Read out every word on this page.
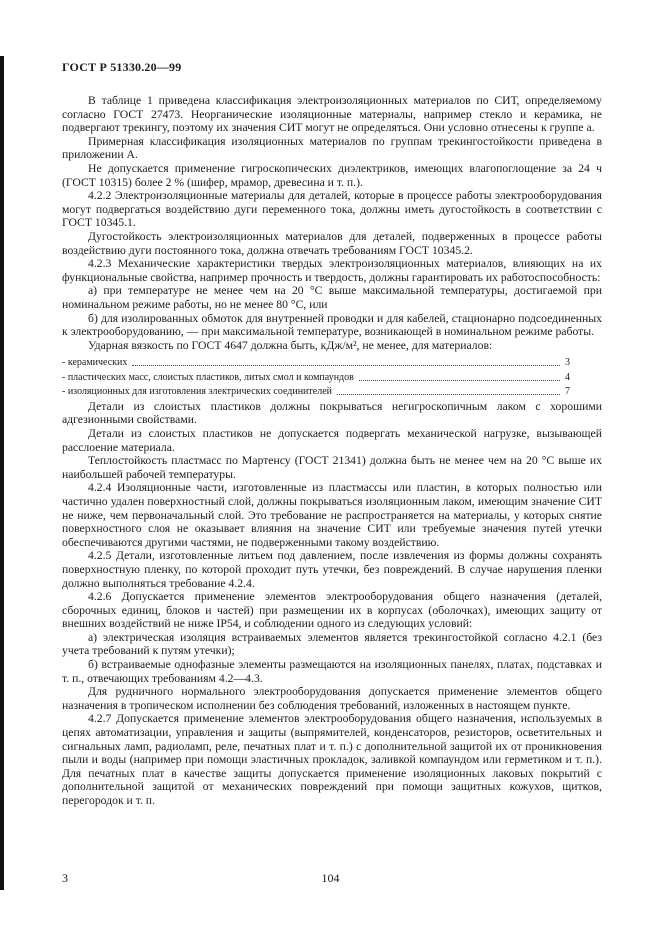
ГОСТ Р 51330.20—99

В таблице 1 приведена классификация электроизоляционных материалов по СИТ, определяемому согласно ГОСТ 27473. Неорганические изоляционные материалы, например стекло и керамика, не подвергают трекингу, поэтому их значения СИТ могут не определяться. Они условно отнесены к группе а.

Примерная классификация изоляционных материалов по группам трекингостойкости приведена в приложении А.

Не допускается применение гигроскопических диэлектриков, имеющих влагопоглощение за 24 ч (ГОСТ 10315) более 2 % (шифер, мрамор, древесина и т. п.).

4.2.2 Электроизоляционные материалы для деталей, которые в процессе работы электрооборудования могут подвергаться воздействию дуги переменного тока, должны иметь дугостойкость в соответствии с ГОСТ 10345.1.

Дугостойкость электроизоляционных материалов для деталей, подверженных в процессе работы воздействию дуги постоянного тока, должна отвечать требованиям ГОСТ 10345.2.

4.2.3 Механические характеристики твердых электроизоляционных материалов, влияющих на их функциональные свойства, например прочность и твердость, должны гарантировать их работоспособность:

а) при температуре не менее чем на 20 °С выше максимальной температуры, достигаемой при номинальном режиме работы, но не менее 80 °С, или

б) для изолированных обмоток для внутренней проводки и для кабелей, стационарно подсоединенных к электрооборудованию, — при максимальной температуре, возникающей в номинальном режиме работы.

Ударная вязкость по ГОСТ 4647 должна быть, кДж/м², не менее, для материалов:

- керамических	3
- пластических масс, слоистых пластиков, литых смол и компаундов	4
- изоляционных для изготовления электрических соединителей	7

Детали из слоистых пластиков должны покрываться негигроскопичным лаком с хорошими адгезионными свойствами.

Детали из слоистых пластиков не допускается подвергать механической нагрузке, вызывающей расслоение материала.

Теплостойкость пластмасс по Мартенсу (ГОСТ 21341) должна быть не менее чем на 20 °С выше их наибольшей рабочей температуры.

4.2.4 Изоляционные части, изготовленные из пластмассы или пластин, в которых полностью или частично удален поверхностный слой, должны покрываться изоляционным лаком, имеющим значение СИТ не ниже, чем первоначальный слой. Это требование не распространяется на материалы, у которых снятие поверхностного слоя не оказывает влияния на значение СИТ или требуемые значения путей утечки обеспечиваются другими частями, не подверженными такому воздействию.

4.2.5 Детали, изготовленные литьем под давлением, после извлечения из формы должны сохранять поверхностную пленку, по которой проходит путь утечки, без повреждений. В случае нарушения пленки должно выполняться требование 4.2.4.

4.2.6 Допускается применение элементов электрооборудования общего назначения (деталей, сборочных единиц, блоков и частей) при размещении их в корпусах (оболочках), имеющих защиту от внешних воздействий не ниже IP54, и соблюдении одного из следующих условий:

а) электрическая изоляция встраиваемых элементов является трекингостойкой согласно 4.2.1 (без учета требований к путям утечки);

б) встраиваемые однофазные элементы размещаются на изоляционных панелях, платах, подставках и т. п., отвечающих требованиям 4.2—4.3.

Для рудничного нормального электрооборудования допускается применение элементов общего назначения в тропическом исполнении без соблюдения требований, изложенных в настоящем пункте.

4.2.7 Допускается применение элементов электрооборудования общего назначения, используемых в цепях автоматизации, управления и защиты (выпрямителей, конденсаторов, резисторов, осветительных и сигнальных ламп, радиоламп, реле, печатных плат и т. п.) с дополнительной защитой их от проникновения пыли и воды (например при помощи эластичных прокладок, заливкой компаундом или герметиком и т. п.). Для печатных плат в качестве защиты допускается применение изоляционных лаковых покрытий с дополнительной защитой от механических повреждений при помощи защитных кожухов, щитков, перегородок и т. п.

3	104
